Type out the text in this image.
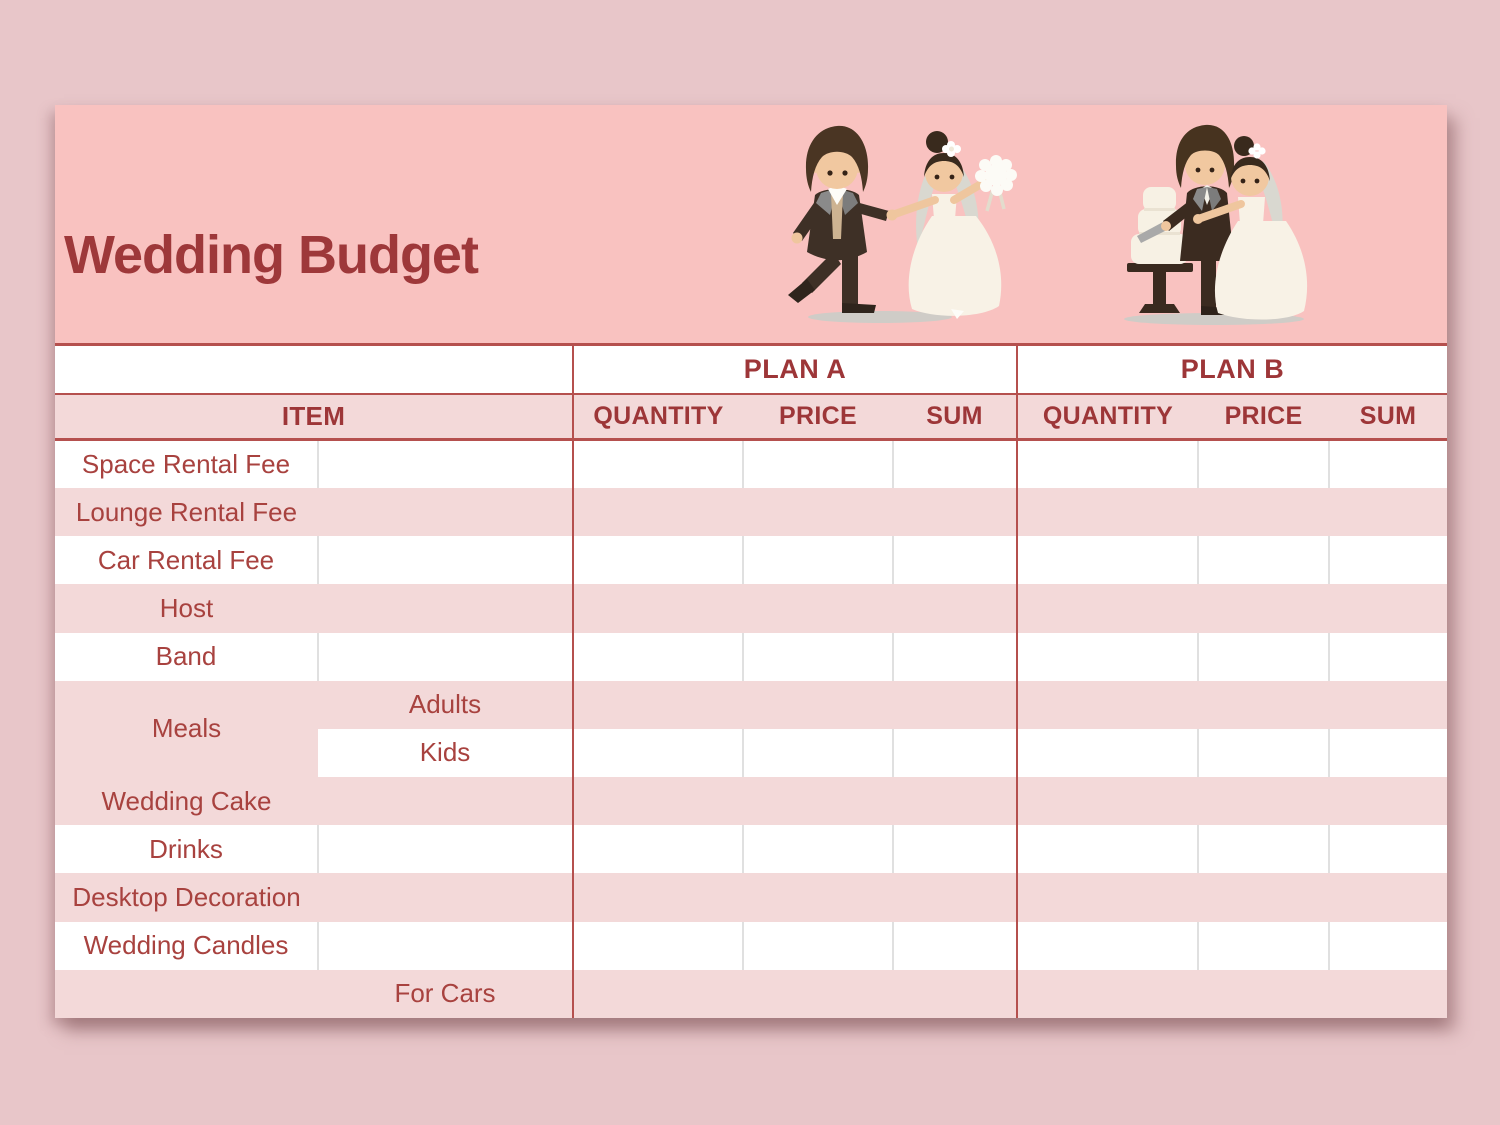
Wedding Budget
		PLAN A			PLAN B		
ITEM		QUANTITY	PRICE	SUM	QUANTITY	PRICE	SUM
Space Rental Fee							
Lounge Rental Fee							
Car Rental Fee							
Host							
Band							
Meals	Adults						
	Kids						
Wedding Cake							
Drinks							
Desktop Decoration							
Wedding Candles							
	For Cars						
